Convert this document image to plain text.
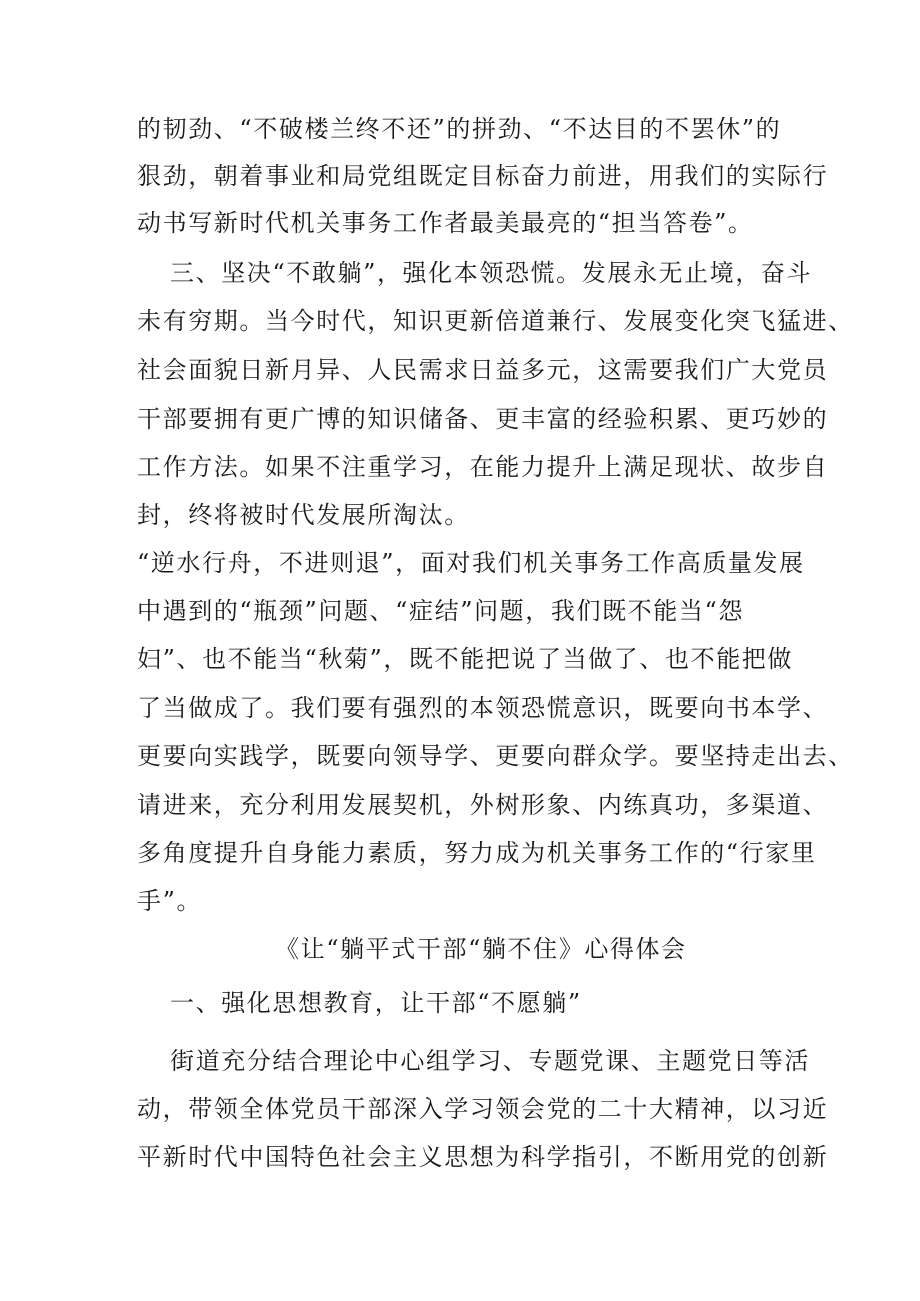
的韧劲、“不破楼兰终不还”的拼劲、“不达目的不罢休”的
狠劲，朝着事业和局党组既定目标奋力前进，用我们的实际行
动书写新时代机关事务工作者最美最亮的“担当答卷”。
三、坚决“不敢躺”，强化本领恐慌。发展永无止境，奋斗
未有穷期。当今时代，知识更新倍道兼行、发展变化突飞猛进、
社会面貌日新月异、人民需求日益多元，这需要我们广大党员
干部要拥有更广博的知识储备、更丰富的经验积累、更巧妙的
工作方法。如果不注重学习，在能力提升上满足现状、故步自
封，终将被时代发展所淘汰。
“逆水行舟，不进则退”，面对我们机关事务工作高质量发展
中遇到的“瓶颈”问题、“症结”问题，我们既不能当“怨
妇”、也不能当“秋菊”，既不能把说了当做了、也不能把做
了当做成了。我们要有强烈的本领恐慌意识，既要向书本学、
更要向实践学，既要向领导学、更要向群众学。要坚持走出去、
请进来，充分利用发展契机，外树形象、内练真功，多渠道、
多角度提升自身能力素质，努力成为机关事务工作的“行家里
手”。
《让“躺平式干部“躺不住》心得体会
一、强化思想教育，让干部“不愿躺”
街道充分结合理论中心组学习、专题党课、主题党日等活
动，带领全体党员干部深入学习领会党的二十大精神，以习近
平新时代中国特色社会主义思想为科学指引，不断用党的创新
